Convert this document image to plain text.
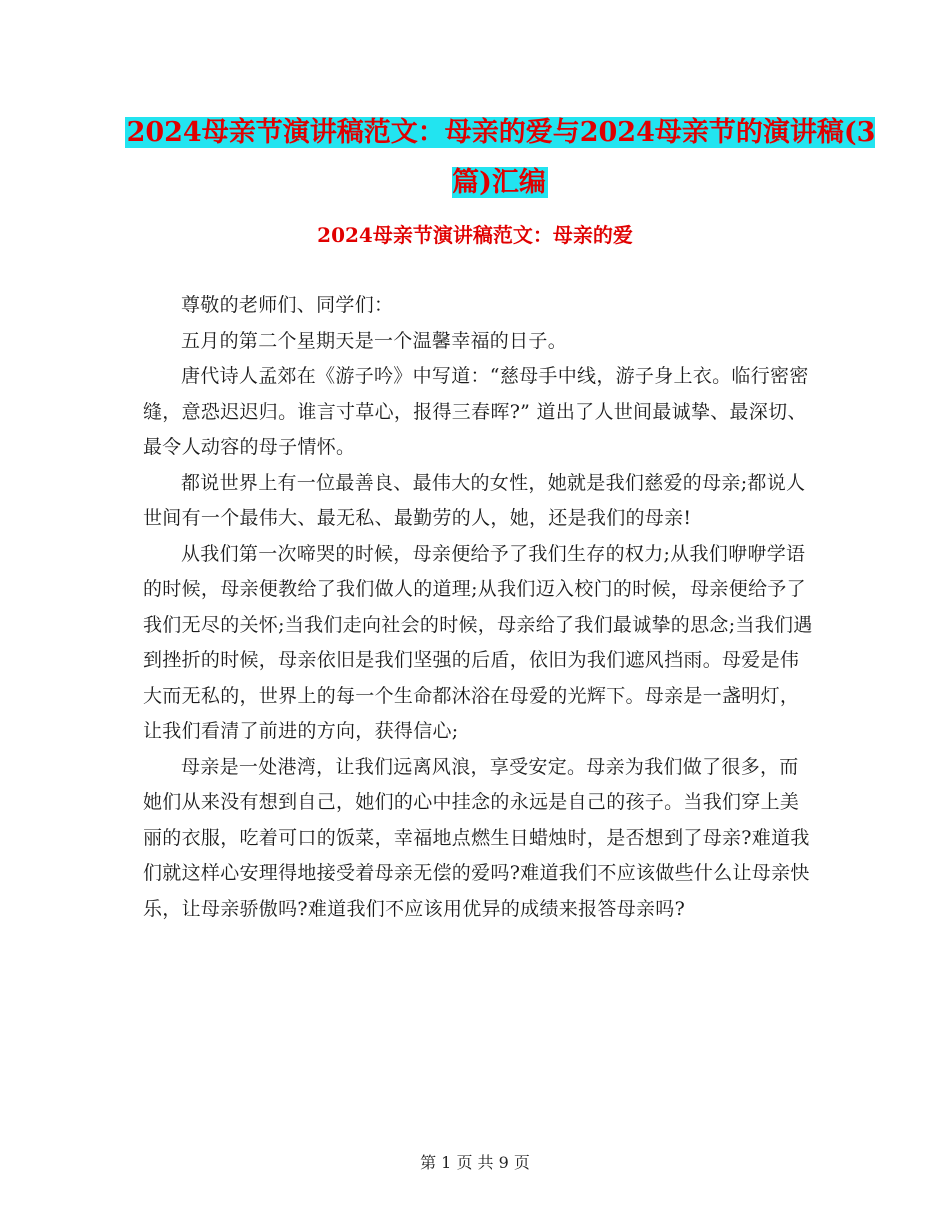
2024母亲节演讲稿范文：母亲的爱与2024母亲节的演讲稿(3篇)汇编
2024母亲节演讲稿范文：母亲的爱

尊敬的老师们、同学们：

五月的第二个星期天是一个温馨幸福的日子。

唐代诗人孟郊在《游子吟》中写道：“慈母手中线，游子身上衣。临行密密缝，意恐迟迟归。谁言寸草心，报得三春晖?” 道出了人世间最诚挚、最深切、最令人动容的母子情怀。

都说世界上有一位最善良、最伟大的女性，她就是我们慈爱的母亲;都说人世间有一个最伟大、最无私、最勤劳的人，她，还是我们的母亲!

从我们第一次啼哭的时候，母亲便给予了我们生存的权力;从我们咿咿学语的时候，母亲便教给了我们做人的道理;从我们迈入校门的时候，母亲便给予了我们无尽的关怀;当我们走向社会的时候，母亲给了我们最诚挚的思念;当我们遇到挫折的时候，母亲依旧是我们坚强的后盾，依旧为我们遮风挡雨。母爱是伟大而无私的，世界上的每一个生命都沐浴在母爱的光辉下。母亲是一盏明灯，让我们看清了前进的方向，获得信心;

母亲是一处港湾，让我们远离风浪，享受安定。母亲为我们做了很多，而她们从来没有想到自己，她们的心中挂念的永远是自己的孩子。当我们穿上美丽的衣服，吃着可口的饭菜，幸福地点燃生日蜡烛时，是否想到了母亲?难道我们就这样心安理得地接受着母亲无偿的爱吗?难道我们不应该做些什么让母亲快乐，让母亲骄傲吗?难道我们不应该用优异的成绩来报答母亲吗?

第 1 页 共 9 页
